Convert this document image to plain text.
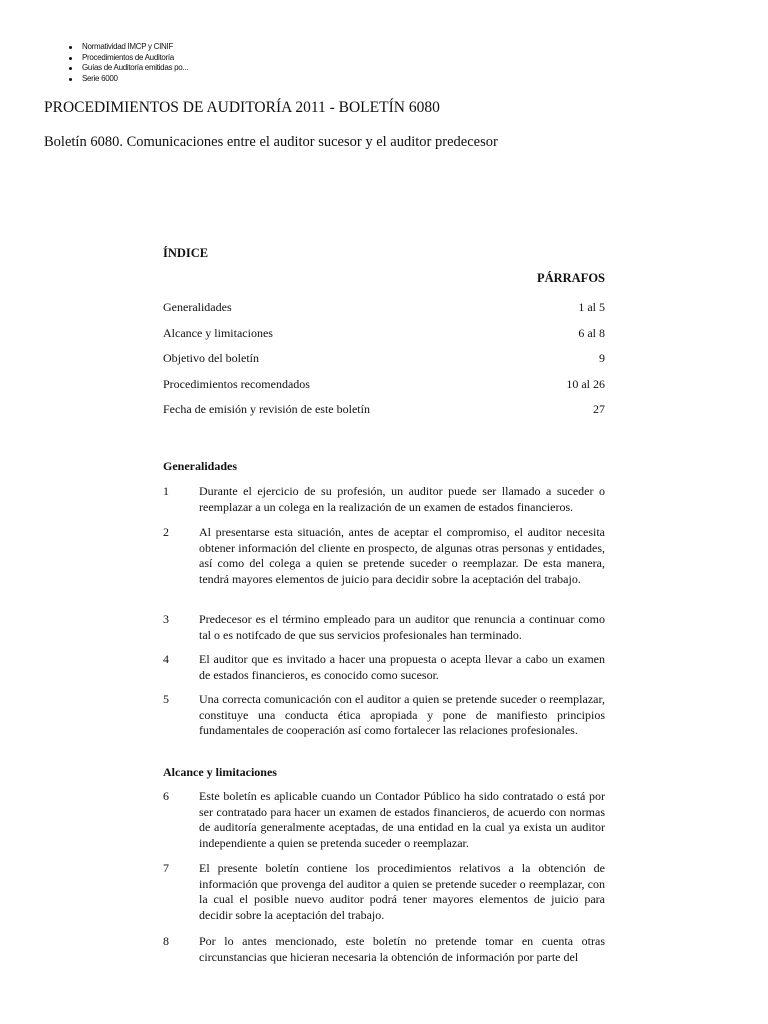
Normatividad IMCP y CINIF
Procedimientos de Auditoría
Guías de Auditoría emitidas po...
Serie 6000
PROCEDIMIENTOS DE AUDITORÍA 2011 - BOLETÍN 6080
Boletín 6080. Comunicaciones entre el auditor sucesor y el auditor predecesor
ÍNDICE
	PÁRRAFOS
Generalidades	1 al 5
Alcance y limitaciones	6 al 8
Objetivo del boletín	9
Procedimientos recomendados	10 al 26
Fecha de emisión y revisión de este boletín	27
Generalidades
1	Durante el ejercicio de su profesión, un auditor puede ser llamado a suceder o reemplazar a un colega en la realización de un examen de estados financieros.
2	Al presentarse esta situación, antes de aceptar el compromiso, el auditor necesita obtener información del cliente en prospecto, de algunas otras personas y entidades, así como del colega a quien se pretende suceder o reemplazar. De esta manera, tendrá mayores elementos de juicio para decidir sobre la aceptación del trabajo.
3	Predecesor es el término empleado para un auditor que renuncia a continuar como tal o es notifcado de que sus servicios profesionales han terminado.
4	El auditor que es invitado a hacer una propuesta o acepta llevar a cabo un examen de estados financieros, es conocido como sucesor.
5	Una correcta comunicación con el auditor a quien se pretende suceder o reemplazar, constituye una conducta ética apropiada y pone de manifiesto principios fundamentales de cooperación así como fortalecer las relaciones profesionales.
Alcance y limitaciones
6	Este boletín es aplicable cuando un Contador Público ha sido contratado o está por ser contratado para hacer un examen de estados financieros, de acuerdo con normas de auditoría generalmente aceptadas, de una entidad en la cual ya exista un auditor independiente a quien se pretenda suceder o reemplazar.
7	El presente boletín contiene los procedimientos relativos a la obtención de información que provenga del auditor a quien se pretende suceder o reemplazar, con la cual el posible nuevo auditor podrá tener mayores elementos de juicio para decidir sobre la aceptación del trabajo.
8	Por lo antes mencionado, este boletín no pretende tomar en cuenta otras circunstancias que hicieran necesaria la obtención de información por parte del
